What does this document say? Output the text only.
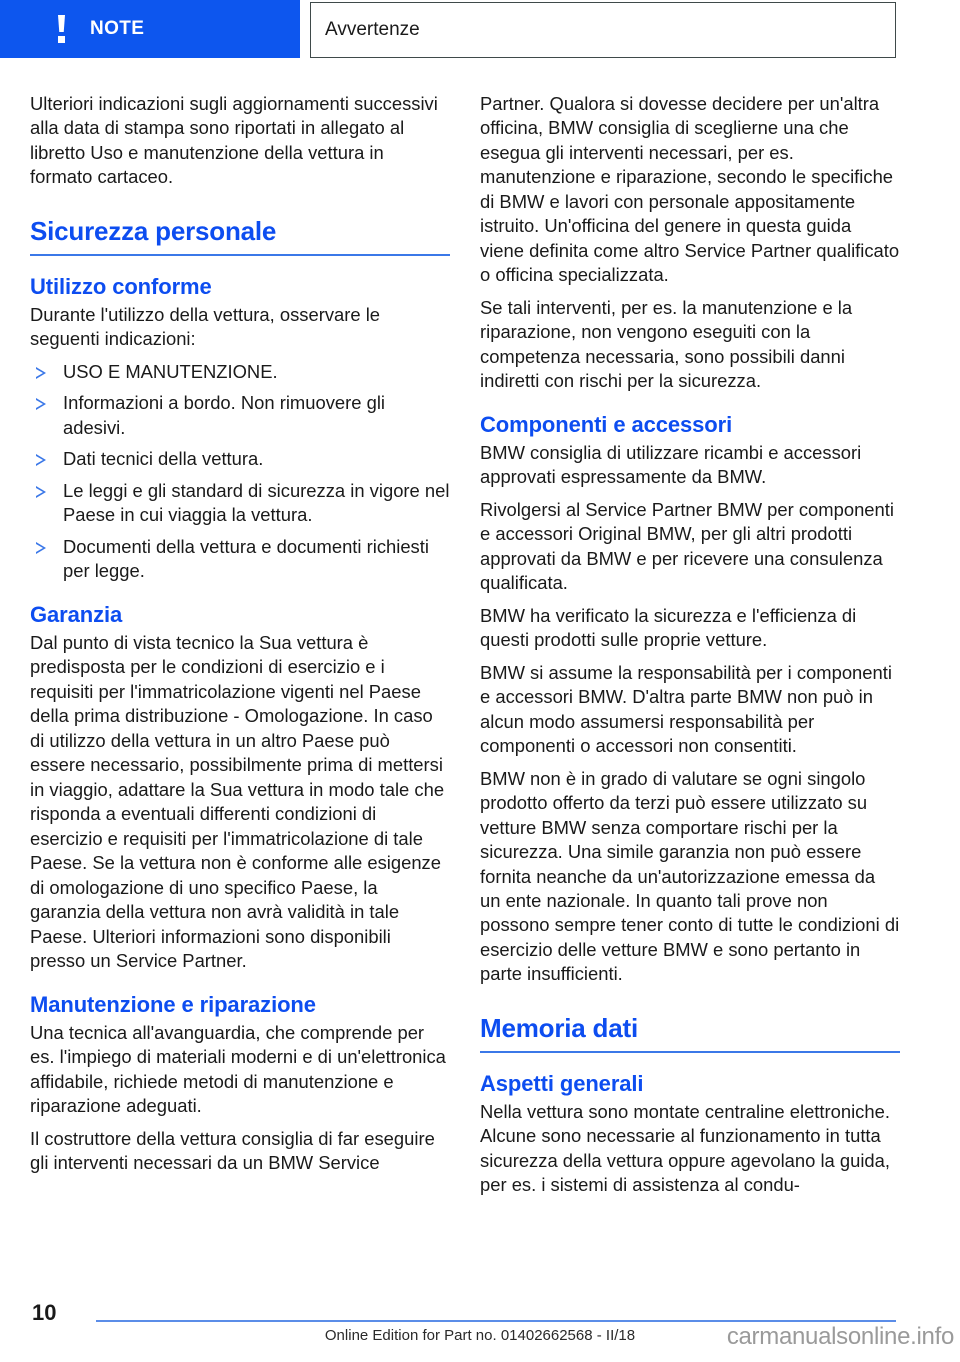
NOTE	Avvertenze

Ulteriori indicazioni sugli aggiornamenti successivi alla data di stampa sono riportati in allegato al libretto Uso e manutenzione della vettura in formato cartaceo.

Sicurezza personale
Utilizzo conforme

Durante l'utilizzo della vettura, osservare le seguenti indicazioni:

USO E MANUTENZIONE.
Informazioni a bordo. Non rimuovere gli adesivi.
Dati tecnici della vettura.
Le leggi e gli standard di sicurezza in vigore nel Paese in cui viaggia la vettura.
Documenti della vettura e documenti richiesti per legge.
Garanzia

Dal punto di vista tecnico la Sua vettura è predisposta per le condizioni di esercizio e i requisiti per l'immatricolazione vigenti nel Paese della prima distribuzione - Omologazione. In caso di utilizzo della vettura in un altro Paese può essere necessario, possibilmente prima di mettersi in viaggio, adattare la Sua vettura in modo tale che risponda a eventuali differenti condizioni di esercizio e requisiti per l'immatricolazione di tale Paese. Se la vettura non è conforme alle esigenze di omologazione di uno specifico Paese, la garanzia della vettura non avrà validità in tale Paese. Ulteriori informazioni sono disponibili presso un Service Partner.

Manutenzione e riparazione

Una tecnica all'avanguardia, che comprende per es. l'impiego di materiali moderni e di un'elettronica affidabile, richiede metodi di manutenzione e riparazione adeguati.

Il costruttore della vettura consiglia di far eseguire gli interventi necessari da un BMW Service

Partner. Qualora si dovesse decidere per un'altra officina, BMW consiglia di sceglierne una che esegua gli interventi necessari, per es. manutenzione e riparazione, secondo le specifiche di BMW e lavori con personale appositamente istruito. Un'officina del genere in questa guida viene definita come altro Service Partner qualificato o officina specializzata.

Se tali interventi, per es. la manutenzione e la riparazione, non vengono eseguiti con la competenza necessaria, sono possibili danni indiretti con rischi per la sicurezza.

Componenti e accessori

BMW consiglia di utilizzare ricambi e accessori approvati espressamente da BMW.

Rivolgersi al Service Partner BMW per componenti e accessori Original BMW, per gli altri prodotti approvati da BMW e per ricevere una consulenza qualificata.

BMW ha verificato la sicurezza e l'efficienza di questi prodotti sulle proprie vetture.

BMW si assume la responsabilità per i componenti e accessori BMW. D'altra parte BMW non può in alcun modo assumersi responsabilità per componenti o accessori non consentiti.

BMW non è in grado di valutare se ogni singolo prodotto offerto da terzi può essere utilizzato su vetture BMW senza comportare rischi per la sicurezza. Una simile garanzia non può essere fornita neanche da un'autorizzazione emessa da un ente nazionale. In quanto tali prove non possono sempre tener conto di tutte le condizioni di esercizio delle vetture BMW e sono pertanto in parte insufficienti.

Memoria dati
Aspetti generali

Nella vettura sono montate centraline elettroniche. Alcune sono necessarie al funzionamento in tutta sicurezza della vettura oppure agevolano la guida, per es. i sistemi di assistenza al condu-

10
Online Edition for Part no. 01402662568 - II/18	carmanualsonline.info
